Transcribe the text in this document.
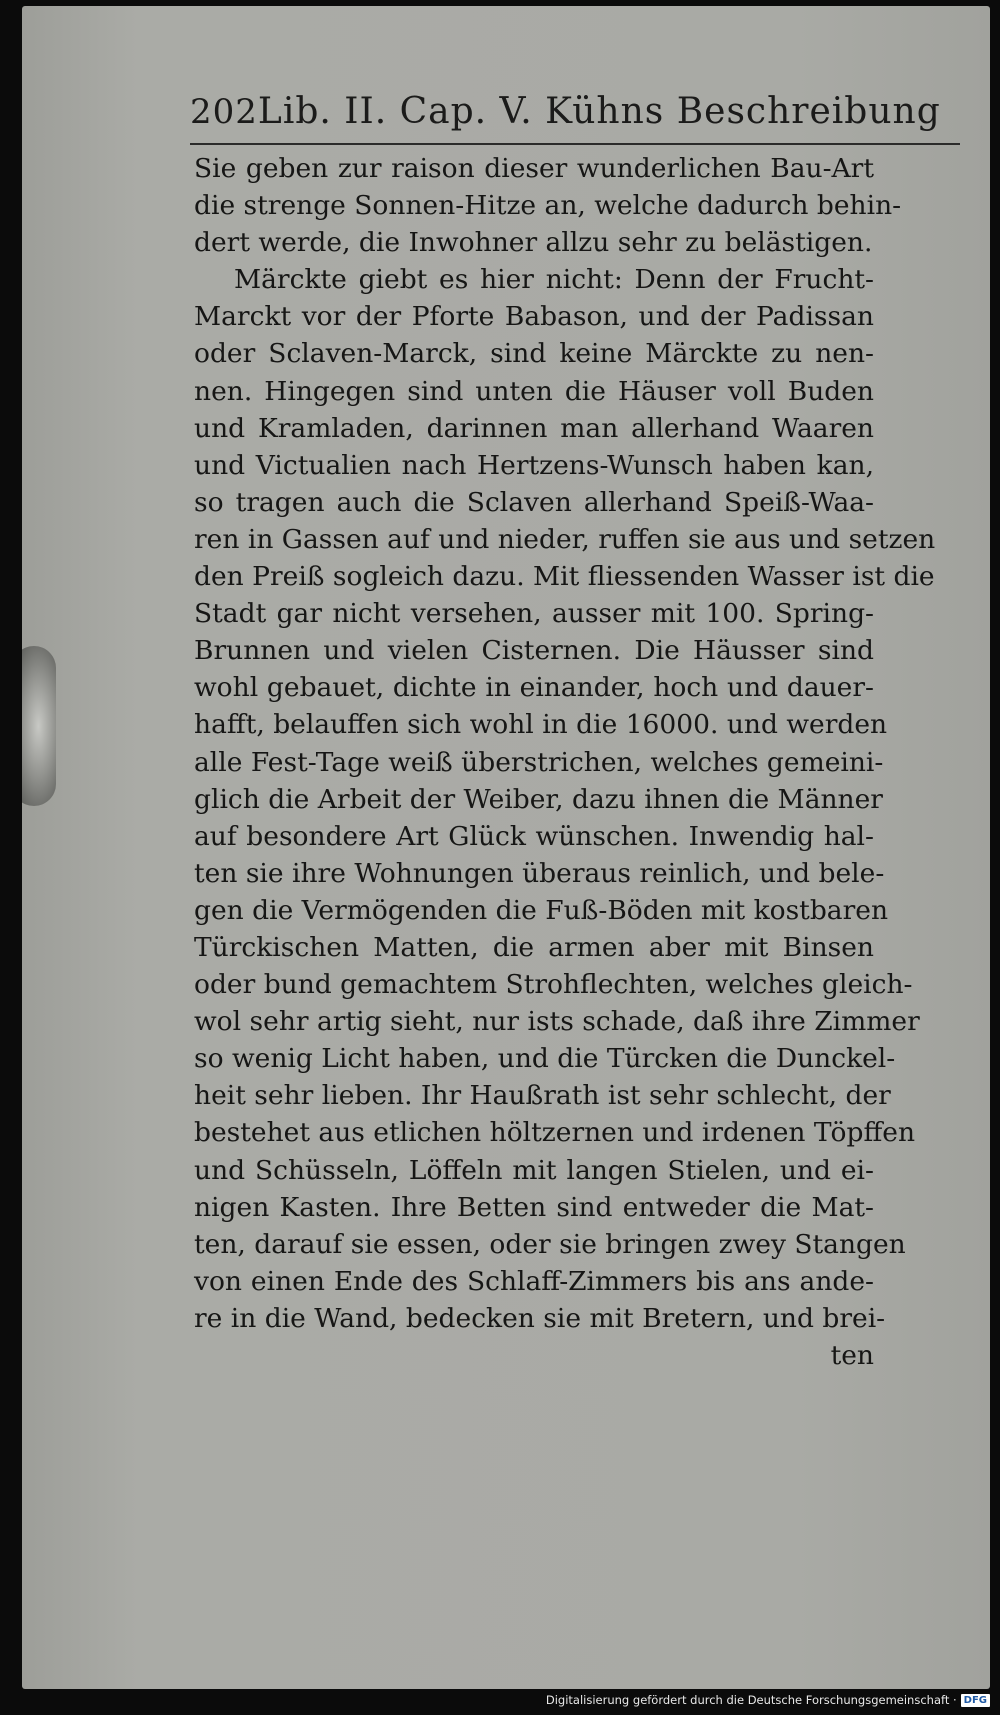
202 Lib. II. Cap. V. Kühns Beschreibung
Sie geben zur raison dieser wunderlichen Bau-Art
die strenge Sonnen-Hitze an, welche dadurch behin-
dert werde, die Inwohner allzu sehr zu belästigen.
Märckte giebt es hier nicht: Denn der Frucht-
Marckt vor der Pforte Babason, und der Padissan
oder Sclaven-Marck, sind keine Märckte zu nen-
nen. Hingegen sind unten die Häuser voll Buden
und Kramladen, darinnen man allerhand Waaren
und Victualien nach Hertzens-Wunsch haben kan,
so tragen auch die Sclaven allerhand Speiß-Waa-
ren in Gassen auf und nieder, ruffen sie aus und setzen
den Preiß sogleich dazu. Mit fliessenden Wasser ist die
Stadt gar nicht versehen, ausser mit 100. Spring-
Brunnen und vielen Cisternen. Die Häusser sind
wohl gebauet, dichte in einander, hoch und dauer-
hafft, belauffen sich wohl in die 16000. und werden
alle Fest-Tage weiß überstrichen, welches gemeini-
glich die Arbeit der Weiber, dazu ihnen die Männer
auf besondere Art Glück wünschen. Inwendig hal-
ten sie ihre Wohnungen überaus reinlich, und bele-
gen die Vermögenden die Fuß-Böden mit kostbaren
Türckischen Matten, die armen aber mit Binsen
oder bund gemachtem Strohflechten, welches gleich-
wol sehr artig sieht, nur ists schade, daß ihre Zimmer
so wenig Licht haben, und die Türcken die Dunckel-
heit sehr lieben. Ihr Haußrath ist sehr schlecht, der
bestehet aus etlichen höltzernen und irdenen Töpffen
und Schüsseln, Löffeln mit langen Stielen, und ei-
nigen Kasten. Ihre Betten sind entweder die Mat-
ten, darauf sie essen, oder sie bringen zwey Stangen
von einen Ende des Schlaff-Zimmers bis ans ande-
re in die Wand, bedecken sie mit Bretern, und brei-
ten
Digitalisierung gefördert durch die Deutsche Forschungsgemeinschaft · DFG
